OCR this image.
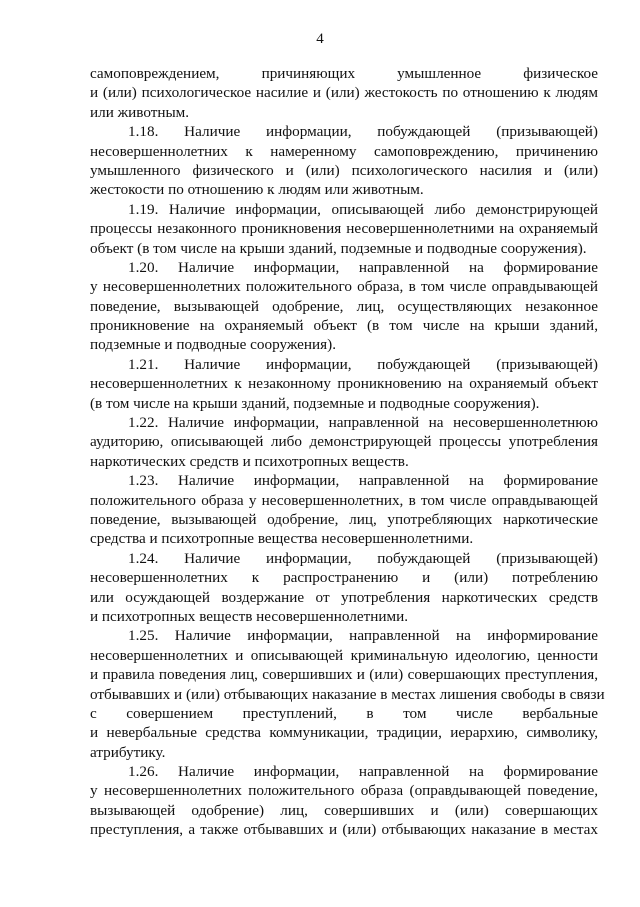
4
самоповреждением, причиняющих умышленное физическое
и (или) психологическое насилие и (или) жестокость по отношению к людям
или животным.
1.18. Наличие информации, побуждающей (призывающей)
несовершеннолетних к намеренному самоповреждению, причинению
умышленного физического и (или) психологического насилия и (или)
жестокости по отношению к людям или животным.
1.19. Наличие информации, описывающей либо демонстрирующей
процессы незаконного проникновения несовершеннолетними на охраняемый
объект (в том числе на крыши зданий, подземные и подводные сооружения).
1.20. Наличие информации, направленной на формирование
у несовершеннолетних положительного образа, в том числе оправдывающей
поведение, вызывающей одобрение, лиц, осуществляющих незаконное
проникновение на охраняемый объект (в том числе на крыши зданий,
подземные и подводные сооружения).
1.21. Наличие информации, побуждающей (призывающей)
несовершеннолетних к незаконному проникновению на охраняемый объект
(в том числе на крыши зданий, подземные и подводные сооружения).
1.22. Наличие информации, направленной на несовершеннолетнюю
аудиторию, описывающей либо демонстрирующей процессы употребления
наркотических средств и психотропных веществ.
1.23. Наличие информации, направленной на формирование
положительного образа у несовершеннолетних, в том числе оправдывающей
поведение, вызывающей одобрение, лиц, употребляющих наркотические
средства и психотропные вещества несовершеннолетними.
1.24. Наличие информации, побуждающей (призывающей)
несовершеннолетних к распространению и (или) потреблению
или осуждающей воздержание от употребления наркотических средств
и психотропных веществ несовершеннолетними.
1.25. Наличие информации, направленной на информирование
несовершеннолетних и описывающей криминальную идеологию, ценности
и правила поведения лиц, совершивших и (или) совершающих преступления,
отбывавших и (или) отбывающих наказание в местах лишения свободы в связи
с совершением преступлений, в том числе вербальные
и невербальные средства коммуникации, традиции, иерархию, символику,
атрибутику.
1.26. Наличие информации, направленной на формирование
у несовершеннолетних положительного образа (оправдывающей поведение,
вызывающей одобрение) лиц, совершивших и (или) совершающих
преступления, а также отбывавших и (или) отбывающих наказание в местах
